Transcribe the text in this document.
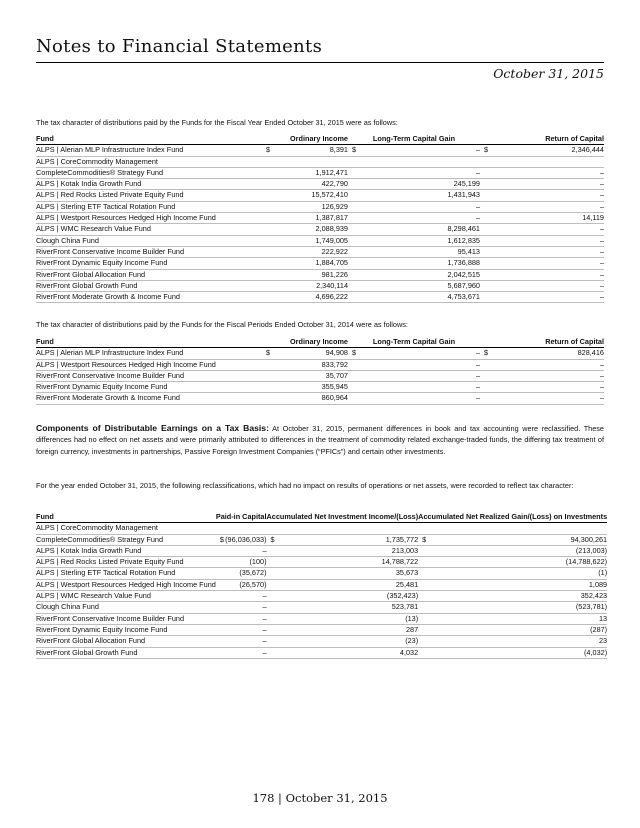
Notes to Financial Statements
October 31, 2015
The tax character of distributions paid by the Funds for the Fiscal Year Ended October 31, 2015 were as follows:
Fund	Ordinary Income		Long-Term Capital Gain		Return of Capital	
ALPS | Alerian MLP Infrastructure Index Fund	$	8,391	$	–	$	2,346,444
ALPS | CoreCommodity Management						
CompleteCommodities® Strategy Fund		1,912,471		–		–
ALPS | Kotak India Growth Fund		422,790		245,199		–
ALPS | Red Rocks Listed Private Equity Fund		15,572,410		1,431,943		–
ALPS | Sterling ETF Tactical Rotation Fund		126,929		–		–
ALPS | Westport Resources Hedged High Income Fund		1,387,817		–		14,119
ALPS | WMC Research Value Fund		2,088,939		8,298,461		–
Clough China Fund		1,749,005		1,612,835		–
RiverFront Conservative Income Builder Fund		222,922		95,413		–
RiverFront Dynamic Equity Income Fund		1,884,705		1,736,888		–
RiverFront Global Allocation Fund		981,226		2,042,515		–
RiverFront Global Growth Fund		2,340,114		5,687,960		–
RiverFront Moderate Growth & Income Fund		4,696,222		4,753,671		–
The tax character of distributions paid by the Funds for the Fiscal Periods Ended October 31, 2014 were as follows:
Fund	Ordinary Income		Long-Term Capital Gain		Return of Capital	
ALPS | Alerian MLP Infrastructure Index Fund	$	94,908	$	–	$	828,416
ALPS | Westport Resources Hedged High Income Fund		833,792		–		–
RiverFront Conservative Income Builder Fund		35,707		–		–
RiverFront Dynamic Equity Income Fund		355,945		–		–
RiverFront Moderate Growth & Income Fund		860,964		–		–
Components of Distributable Earnings on a Tax Basis: At October 31, 2015, permanent differences in book and tax accounting were reclassified. These differences had no effect on net assets and were primarily attributed to differences in the treatment of commodity related exchange-traded funds, the differing tax treatment of foreign currency, investments in partnerships, Passive Foreign Investment Companies (“PFICs”) and certain other investments.
For the year ended October 31, 2015, the following reclassifications, which had no impact on results of operations or net assets, were recorded to reflect tax character:
Fund	Paid-in Capital		Accumulated Net Investment Income/(Loss)		Accumulated Net Realized Gain/(Loss) on Investments	
ALPS | CoreCommodity Management						
CompleteCommodities® Strategy Fund	$	(96,036,033)	$	1,735,772	$	94,300,261
ALPS | Kotak India Growth Fund		–		213,003		(213,003)
ALPS | Red Rocks Listed Private Equity Fund		(100)		14,788,722		(14,788,622)
ALPS | Sterling ETF Tactical Rotation Fund		(35,672)		35,673		(1)
ALPS | Westport Resources Hedged High Income Fund		(26,570)		25,481		1,089
ALPS | WMC Research Value Fund		–		(352,423)		352,423
Clough China Fund		–		523,781		(523,781)
RiverFront Conservative Income Builder Fund		–		(13)		13
RiverFront Dynamic Equity Income Fund		–		287		(287)
RiverFront Global Allocation Fund		–		(23)		23
RiverFront Global Growth Fund		–		4,032		(4,032)
178 | October 31, 2015
